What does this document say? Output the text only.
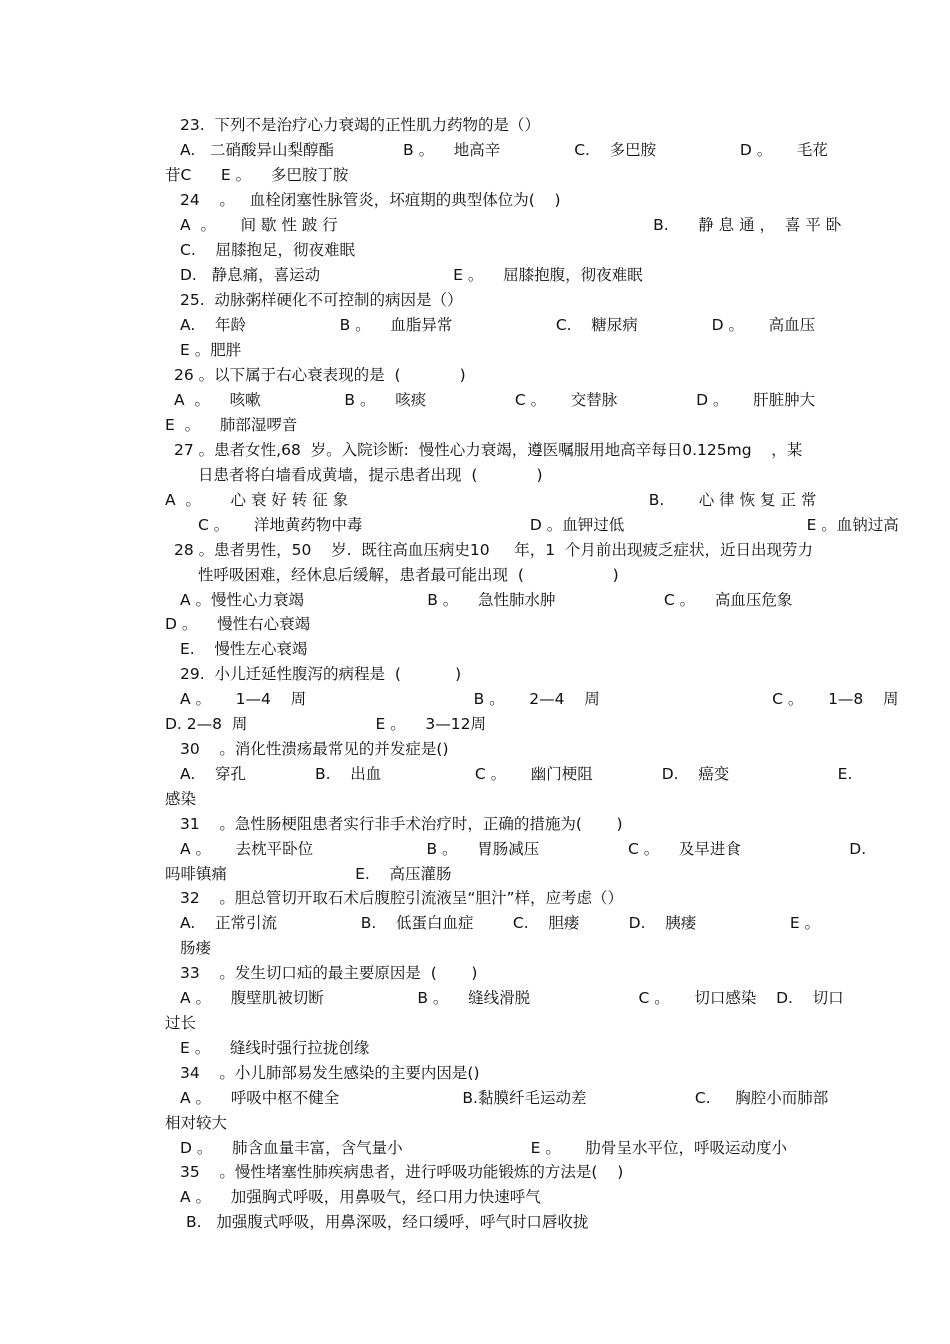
23.  下列不是治疗心力衰竭的正性肌力药物的是（）
A.   二硝酸异山梨醇酯              B 。    地高辛               C.    多巴胺                 D 。     毛花
苷C      E 。    多巴胺丁胺
24    。   血栓闭塞性脉管炎，坏疽期的典型体位为(    )
A  。     间 歇 性 跛 行                                                                B.      静 息 通 ，  喜 平 卧
C.    屈膝抱足，彻夜难眠
D.   静息痛，喜运动                           E 。    屈膝抱腹，彻夜难眠
25.  动脉粥样硬化不可控制的病因是（）
A.    年龄                   B 。    血脂异常                     C.    糖尿病               D 。     高血压
E 。肥胖
26 。以下属于右心衰表现的是  (            )
A  。    咳嗽                 B 。    咳痰                  C 。     交替脉                D 。     肝脏肿大
E  。    肺部湿啰音
27 。患者女性,68  岁。入院诊断:  慢性心力衰竭，遵医嘱服用地高辛每日0.125mg    ，某
日患者将白墙看成黄墙，提示患者出现  (            )
A  。      心 衰 好 转 征 象                                                             B.       心 律 恢 复 正 常
C 。     洋地黄药物中毒                                  D 。血钾过低                                     E 。血钠过高
28 。患者男性，50    岁.  既往高血压病史10     年，1  个月前出现疲乏症状，近日出现劳力
性呼吸困难，经休息后缓解，患者最可能出现  (                  )
A 。慢性心力衰竭                         B 。    急性肺水肿                      C 。    高血压危象
D 。    慢性右心衰竭
E.    慢性左心衰竭
29.  小儿迁延性腹泻的病程是  (           )
A 。     1—4    周                                  B 。     2—4    周                                   C 。     1—8    周
D. 2—8  周                          E 。    3—12周
30    。消化性溃疡最常见的并发症是()
A.    穿孔              B.    出血                   C 。     幽门梗阻              D.    癌变                      E.
感染
31    。急性肠梗阻患者实行非手术治疗时，正确的措施为(       )
A 。     去枕平卧位                       B 。    胃肠减压                  C 。    及早进食                      D.
吗啡镇痛                          E.    高压灌肠
32    。胆总管切开取石术后腹腔引流液呈“胆汁”样，应考虑（）
A.    正常引流                 B.    低蛋白血症        C.    胆瘘          D.    胰瘘                   E 。
肠瘘
33    。发生切口疝的最主要原因是  (       )
A 。    腹壁肌被切断                   B 。    缝线滑脱                      C 。     切口感染    D.    切口
过长
E 。    缝线时强行拉拢创缘
34    。小儿肺部易发生感染的主要内因是()
A 。    呼吸中枢不健全                         B.黏膜纤毛运动差                      C.     胸腔小而肺部
相对较大
D 。    肺含血量丰富，含气量小                          E 。     肋骨呈水平位，呼吸运动度小
35    。慢性堵塞性肺疾病患者，进行呼吸功能锻炼的方法是(    )
A 。    加强胸式呼吸，用鼻吸气，经口用力快速呼气
B.   加强腹式呼吸，用鼻深吸，经口缓呼，呼气时口唇收拢
